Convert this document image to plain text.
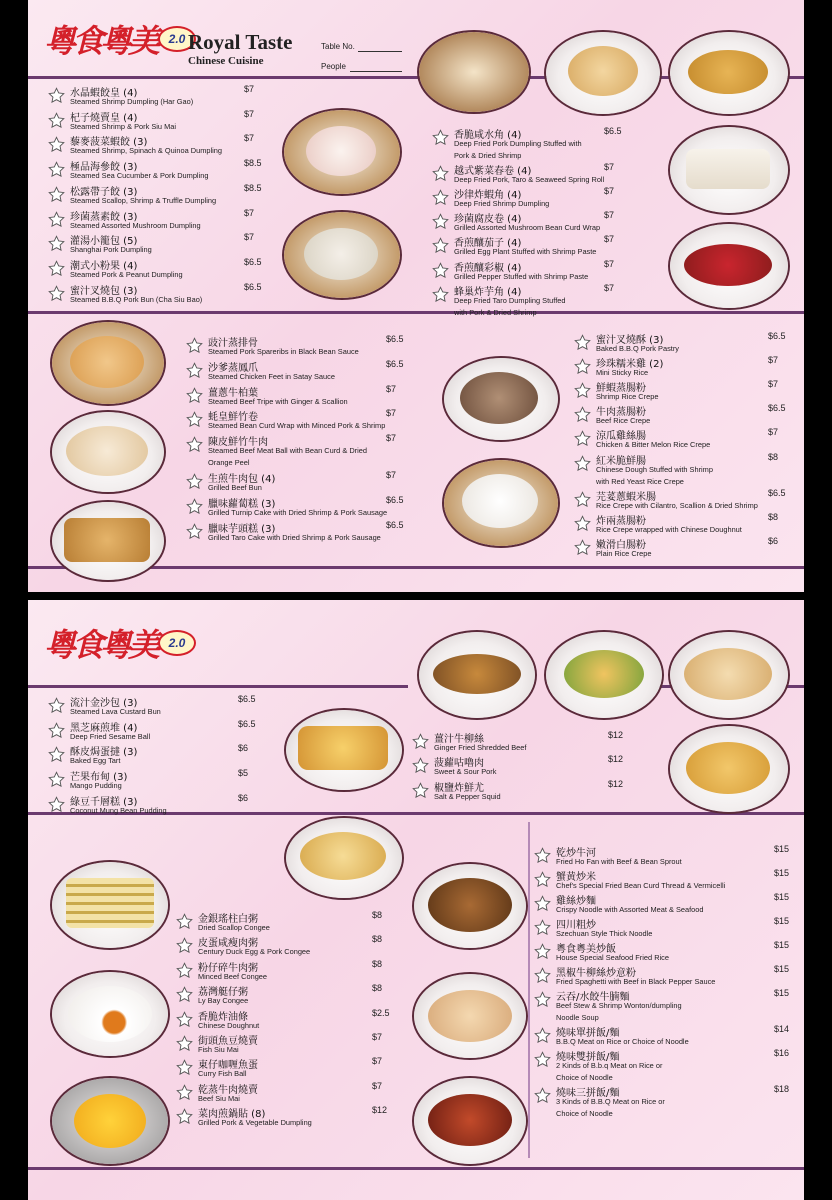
粵食粵美	2.0 Royal Taste
Chinese Cuisine
Table No.
People
水晶蝦餃皇 (4)
Steamed Shrimp Dumpling (Har Gao)
$7
杞子燒賣皇 (4)
Steamed Shrimp & Pork Siu Mai
$7
藜麥菠菜蝦餃 (3)
Steamed Shrimp, Spinach & Quinoa Dumpling
$7
極品海參餃 (3)
Steamed Sea Cucumber & Pork Dumpling
$8.5
松露帶子餃 (3)
Steamed Scallop, Shrimp & Truffle Dumpling
$8.5
珍菌蒸素餃 (3)
Steamed Assorted Mushroom Dumpling
$7
灌湯小籠包 (5)
Shanghai Pork Dumpling
$7
潮式小粉果 (4)
Steamed Pork & Peanut Dumpling
$6.5
蜜汁叉燒包 (3)
Steamed B.B.Q Pork Bun (Cha Siu Bao)
$6.5
香脆咸水角 (4)
Deep Fried Pork Dumpling Stuffed with
Pork & Dried Shrimp
$6.5
越式紫菜春卷 (4)
Deep Fried Pork, Taro & Seaweed Spring Roll
$7
沙律炸蝦角 (4)
Deep Fried Shrimp Dumpling
$7
珍菌腐皮卷 (4)
Grilled Assorted Mushroom Bean Curd Wrap
$7
香煎釀茄子 (4)
Grilled Egg Plant Stuffed with Shrimp Paste
$7
香煎釀彩椒 (4)
Grilled Pepper Stuffed with Shrimp Paste
$7
蜂巢炸芋角 (4)
Deep Fried Taro Dumpling Stuffed
with Pork & Dried Shrimp
$7
豉汁蒸排骨
Steamed Pork Spareribs in Black Bean Sauce
$6.5
沙爹蒸鳳爪
Steamed Chicken Feet in Satay Sauce
$6.5
薑蔥牛柏葉
Steamed Beef Tripe with Ginger & Scallion
$7
蚝皇鮮竹卷
Steamed Bean Curd Wrap with Minced Pork & Shrimp
$7
陳皮鮮竹牛肉
Steamed Beef Meat Ball with Bean Curd & Dried
Orange Peel
$7
生煎牛肉包 (4)
Grilled Beef Bun
$7
臘味蘿蔔糕 (3)
Grilled Turnip Cake with Dried Shrimp & Pork Sausage
$6.5
臘味芋頭糕 (3)
Grilled Taro Cake with Dried Shrimp & Pork Sausage
$6.5
蜜汁叉燒酥 (3)
Baked B.B.Q Pork Pastry
$6.5
珍珠糯米雞 (2)
Mini Sticky Rice
$7
鮮蝦蒸腸粉
Shrimp Rice Crepe
$7
牛肉蒸腸粉
Beef Rice Crepe
$6.5
涼瓜雞絲腸
Chicken & Bitter Melon Rice Crepe
$7
紅米脆鮮腸
Chinese Dough Stuffed with Shrimp
with Red Yeast Rice Crepe
$8
芫荽蔥蝦米腸
Rice Crepe with Cilantro, Scallion & Dried Shrimp
$6.5
炸兩蒸腸粉
Rice Crepe wrapped with Chinese Doughnut
$8
嫩滑白腸粉
Plain Rice Crepe
$6
粵食粵美	2.0
流汁金沙包 (3)
Steamed Lava Custard Bun
$6.5
黑芝麻煎堆 (4)
Deep Fried Sesame Ball
$6.5
酥皮焗蛋撻 (3)
Baked Egg Tart
$6
芒果布甸 (3)
Mango Pudding
$5
綠豆千層糕 (3)
Coconut Mung Bean Pudding
$6
薑汁牛柳絲
Ginger Fried Shredded Beef
$12
菠蘿咕嚕肉
Sweet & Sour Pork
$12
椒鹽炸鮮尤
Salt & Pepper Squid
$12
金銀瑤柱白粥
Dried Scallop Congee
$8
皮蛋咸瘦肉粥
Century Duck Egg & Pork Congee
$8
粉仔碎牛肉粥
Minced Beef Congee
$8
荔灣艇仔粥
Ly Bay Congee
$8
香脆炸油條
Chinese Doughnut
$2.5
街頭魚豆燒賣
Fish Siu Mai
$7
東仔咖喱魚蛋
Curry Fish Ball
$7
乾蒸牛肉燒賣
Beef Siu Mai
$7
菜肉煎鍋貼 (8)
Grilled Pork & Vegetable Dumpling
$12
乾炒牛河
Fried Ho Fan with Beef & Bean Sprout
$15
蟹黄炒米
Chef's Special Fried Bean Curd Thread & Vermicelli
$15
雞絲炒麵
Crispy Noodle with Assorted Meat & Seafood
$15
四川粗炒
Szechuan Style Thick Noodle
$15
粵食粵美炒飯
House Special Seafood Fried Rice
$15
黑椒牛柳絲炒意粉
Fried Spaghetti with Beef in Black Pepper Sauce
$15
云吞/水餃牛腩麵
Beef Stew & Shrimp Wonton/dumpling
Noodle Soup
$15
燒味單拼飯/麵
B.B.Q Meat on Rice or Choice of Noodle
$14
燒味雙拼飯/麵
2 Kinds of B.b.q Meat on Rice or
Choice of Noodle
$16
燒味三拼飯/麵
3 Kinds of B.B.Q Meat on Rice or
Choice of Noodle
$18
